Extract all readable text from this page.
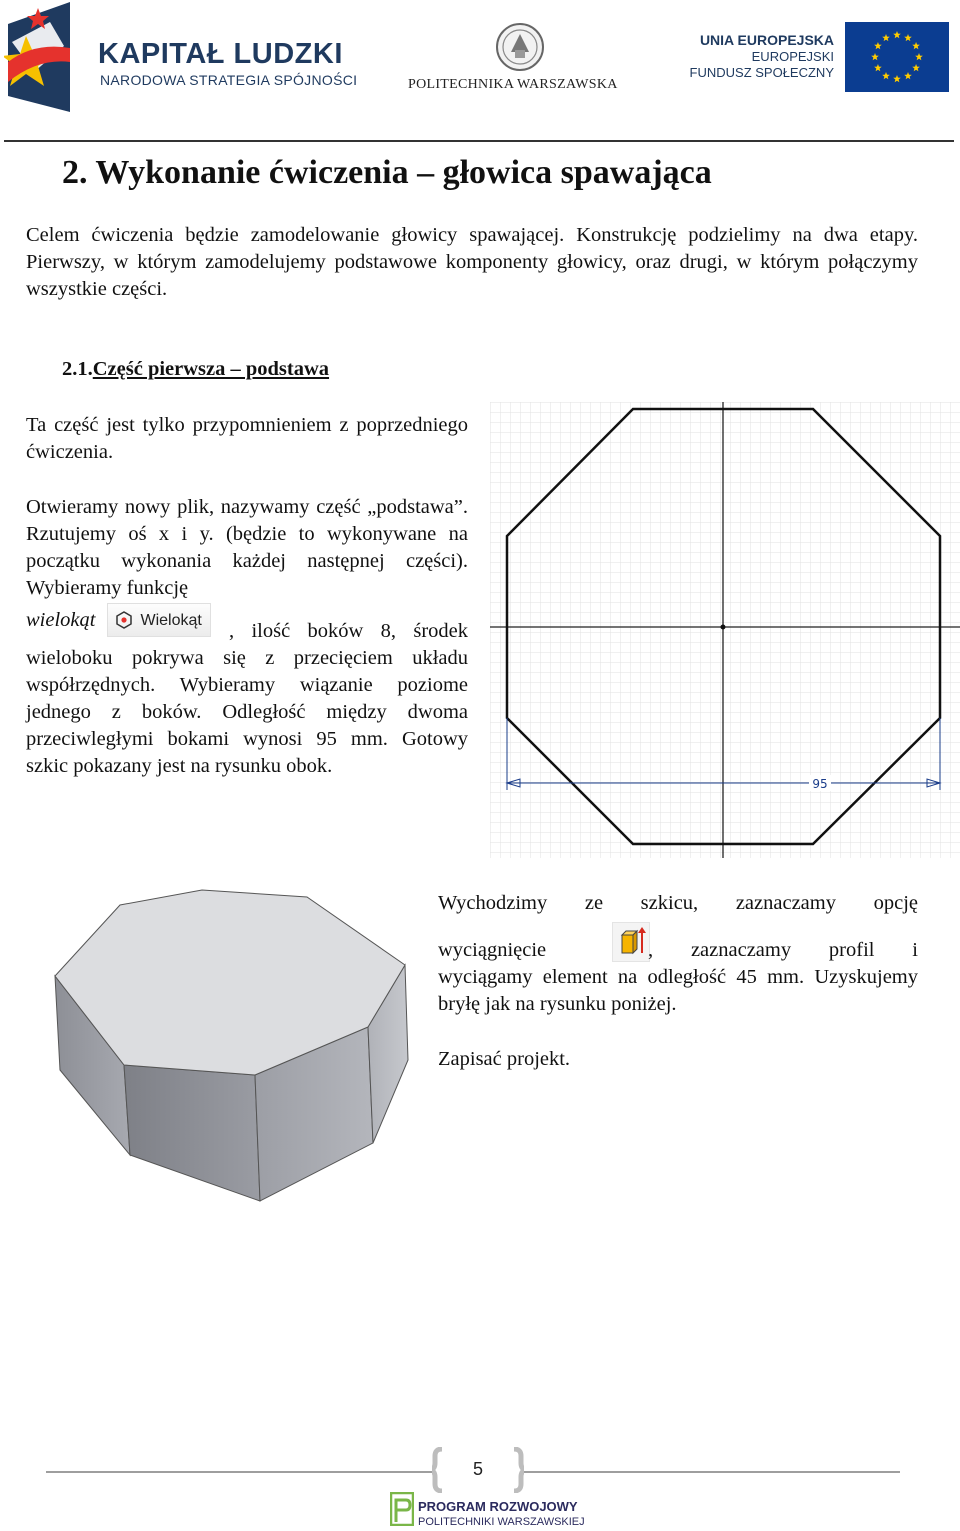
KAPITAŁ LUDZKI
NARODOWA STRATEGIA SPÓJNOŚCI	POLITECHNIKA WARSZAWSKA
UNIA EUROPEJSKA
EUROPEJSKI
FUNDUSZ SPOŁECZNY
2. Wykonanie ćwiczenia – głowica spawająca

Celem ćwiczenia będzie zamodelowanie głowicy spawającej. Konstrukcję podzielimy na dwa etapy. Pierwszy, w którym zamodelujemy podstawowe komponenty głowicy, oraz drugi, w którym połączymy wszystkie części.

2.1.Część pierwsza – podstawa

Ta część jest tylko przypomnieniem z poprzedniego ćwiczenia.

Otwieramy nowy plik, nazywamy część „podstawa”. Rzutujemy oś x i y. (będzie to wykonywane na początku wykonania każdej następnej części). Wybieramy funkcję

wielokąt	Wielokąt	, ilość boków 8, środek wieloboku pokrywa się z przecięciem układu współrzędnych. Wybieramy wiązanie poziome jednego z boków. Odległość między dwoma przeciwległymi bokami wynosi 95 mm. Gotowy szkic pokazany jest na rysunku obok.
95

Wychodzimy ze szkicu, zaznaczamy opcję

wyciągnięcie	, zaznaczamy profil i wyciągamy element na odległość 45 mm. Uzyskujemy bryłę jak na rysunku poniżej.

Zapisać projekt.

5
PROGRAM ROZWOJOWY
POLITECHNIKI WARSZAWSKIEJ
